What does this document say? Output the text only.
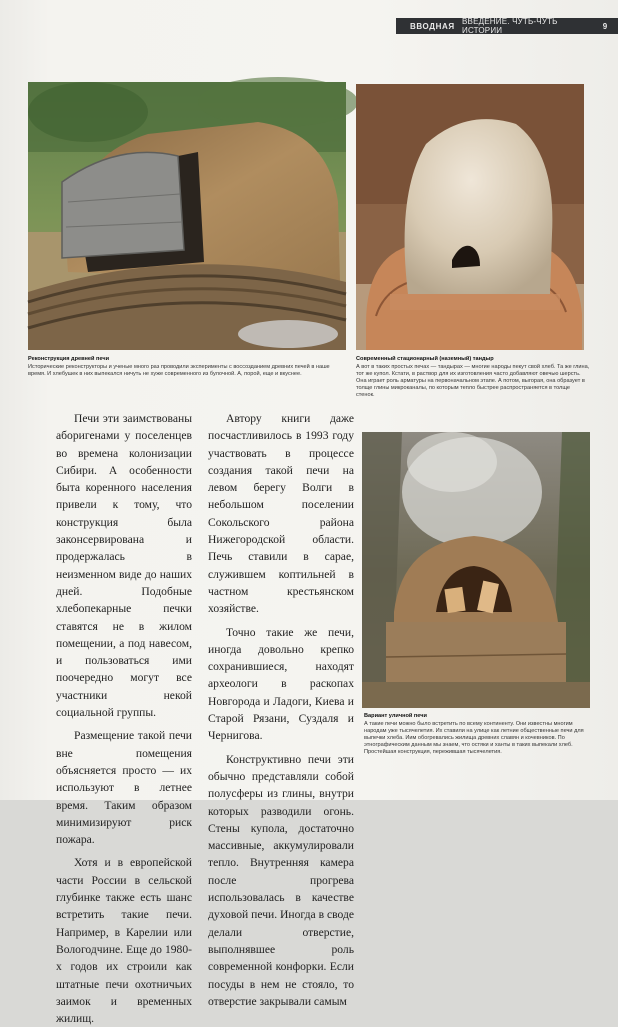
ВВОДНАЯ ВВЕДЕНИЕ. ЧУТЬ-ЧУТЬ ИСТОРИИ	9
Реконструкция древней печи
Исторические реконструкторы и ученые много раз проводили эксперименты с воссозданием древних печей в наше время. И хлебушек в них выпекался ничуть не хуже современного из булочной. А, порой, еще и вкуснее.
Современный стационарный (наземный) тандыр
А вот в таких простых печах — тандырах — многие народы пекут свой хлеб. Та же глина, тот же купол. Кстати, в раствор для их изготовления часто добавляют овечью шерсть. Она играет роль арматуры на первоначальном этапе. А потом, выгорая, она образует в толще глины микроканалы, по которым тепло быстрее распространяется в толще стенок.
Вариант уличной печи
А такие печи можно было встретить по всему континенту. Они известны многим народам уже тысячелетия. Их ставили на улице как летние общественные печи для выпечки хлеба. Иим обогревались жилища древних славян и кочевников. По этнографическим данным мы знаем, что остяки и ханты в таких выпекали хлеб. Простейшая конструкция, пережившая тысячелетия.

Печи эти заимствованы аборигенами у поселенцев во времена колонизации Сибири. А особенности быта коренного населения привели к тому, что конструкция была законсервирована и продержалась в неизменном виде до наших дней. Подобные хлебопекарные печки ставятся не в жилом помещении, а под навесом, и пользоваться ими поочередно могут все участники некой социальной группы.

Размещение такой печи вне помещения объясняется просто — их используют в летнее время. Таким образом минимизируют риск пожара.

Хотя и в европейской части России в сельской глубинке также есть шанс встретить такие печи. Например, в Карелии или Вологодчине. Еще до 1980-х годов их строили как штатные печи охотничьих заимок и временных жилищ.

Автору книги даже посчастливилось в 1993 году участвовать в процессе создания такой печи на левом берегу Волги в небольшом поселении Сокольского района Нижегородской области. Печь ставили в сарае, служившем коптильней в частном крестьянском хозяйстве.

Точно такие же печи, иногда довольно крепко сохранившиеся, находят археологи в раскопах Новгорода и Ладоги, Киева и Старой Рязани, Суздаля и Чернигова.

Конструктивно печи эти обычно представляли собой полусферы из глины, внутри которых разводили огонь. Стены купола, достаточно массивные, аккумулировали тепло. Внутренняя камера после прогрева использовалась в качестве духовой печи. Иногда в своде делали отверстие, выполнявшее роль современной конфорки. Если посуды в нем не стояло, то отверстие закрывали самым
